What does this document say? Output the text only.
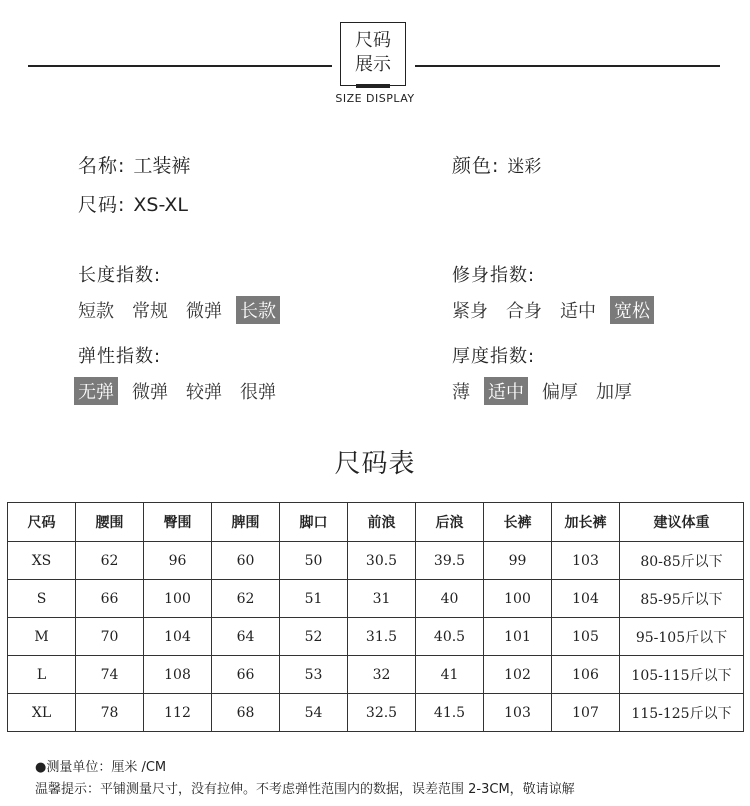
尺码
展示
SIZE DISPLAY
名称: 工装裤
尺码: XS-XL
颜色: 迷彩
长度指数:
短款 常规 微弹 长款
修身指数:
紧身 合身 适中 宽松
弹性指数:
无弹 微弹 较弹 很弹
厚度指数:
薄 适中 偏厚 加厚
尺码表
尺码	腰围	臀围	脾围	脚口	前浪	后浪	长裤	加长裤	建议体重
XS	62	96	60	50	30.5	39.5	99	103	80-85斤以下
S	66	100	62	51	31	40	100	104	85-95斤以下
M	70	104	64	52	31.5	40.5	101	105	95-105斤以下
L	74	108	66	53	32	41	102	106	105-115斤以下
XL	78	112	68	54	32.5	41.5	103	107	115-125斤以下
●测量单位：厘米 /CM
温馨提示：平铺测量尺寸，没有拉伸。不考虑弹性范围内的数据，误差范围 2-3CM，敬请谅解
